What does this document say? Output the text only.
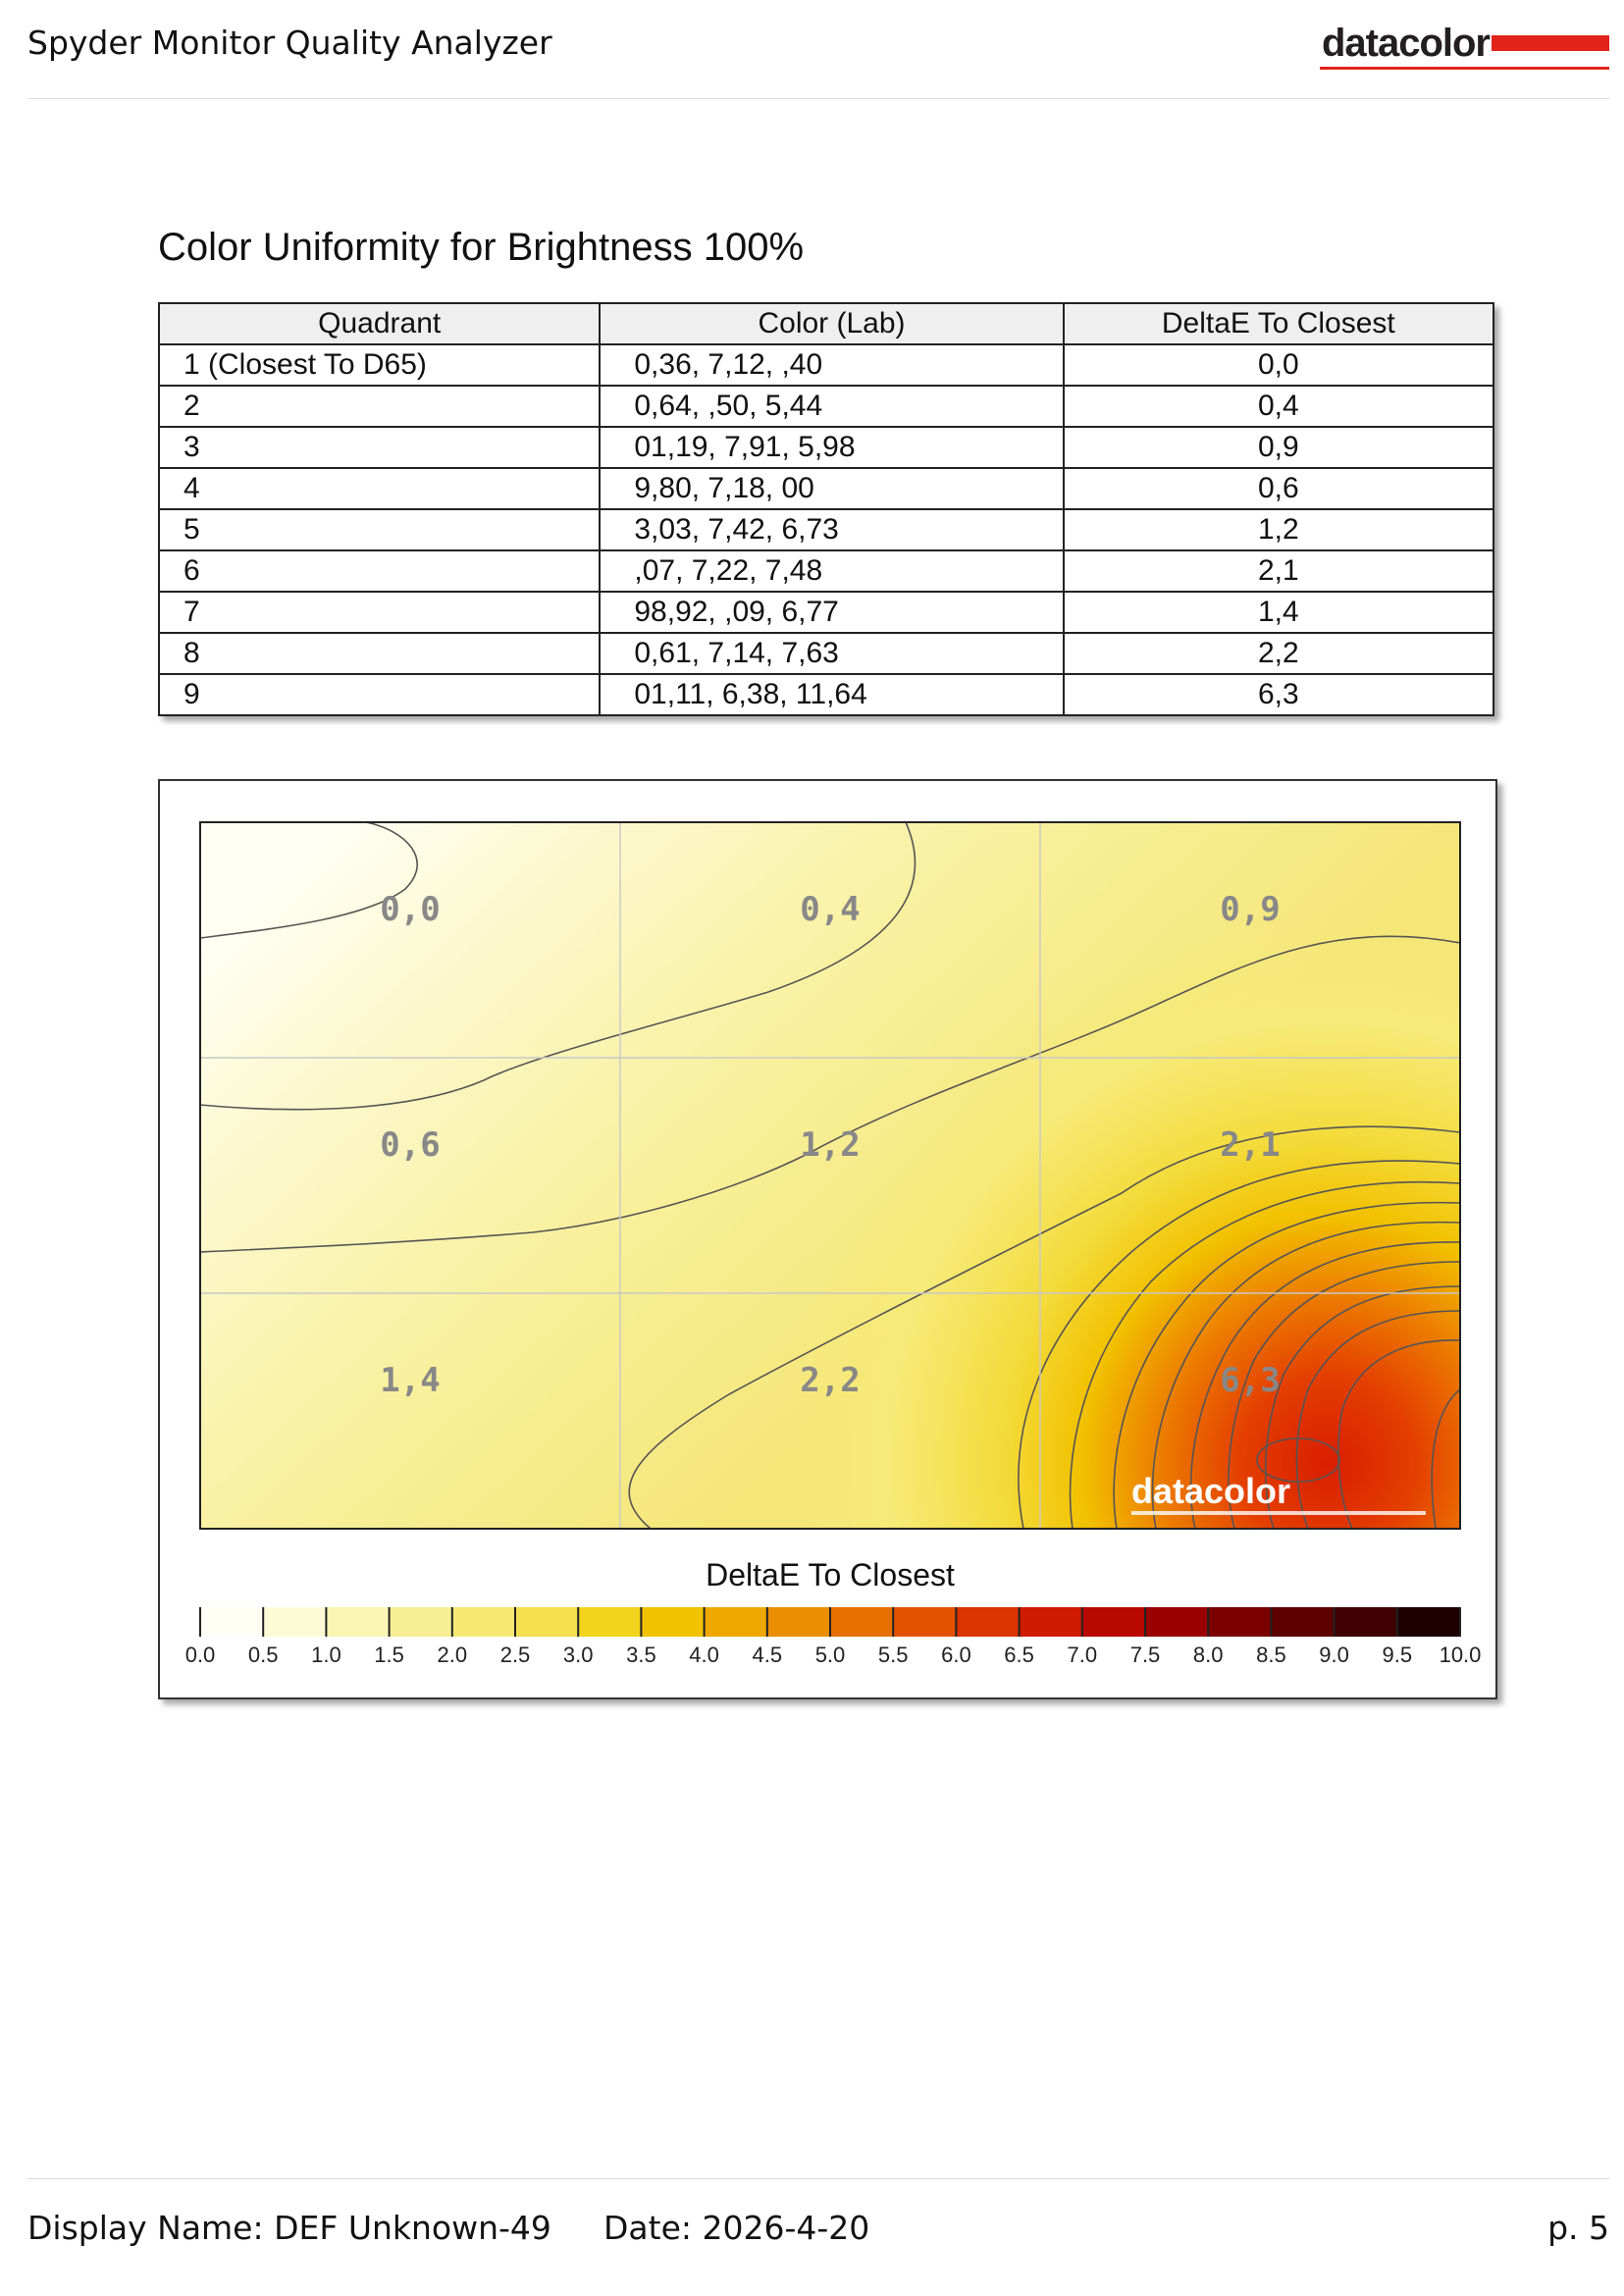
Spyder Monitor Quality Analyzer	datacolor
Color Uniformity for Brightness 100%
Quadrant	Color (Lab)	DeltaE To Closest
1 (Closest To D65)	0,36, 7,12, ,40	0,0
2	0,64, ,50, 5,44	0,4
3	01,19, 7,91, 5,98	0,9
4	9,80, 7,18, 00	0,6
5	3,03, 7,42, 6,73	1,2
6	,07, 7,22, 7,48	2,1
7	98,92, ,09, 6,77	1,4
8	0,61, 7,14, 7,63	2,2
9	01,11, 6,38, 11,64	6,3
0,0	0,4	0,9
0,6	1,2	2,1
1,4	2,2	6,3
datacolor
DeltaE To Closest
0.0 0.5 1.0 1.5 2.0 2.5 3.0 3.5 4.0 4.5 5.0 5.5 6.0 6.5 7.0 7.5 8.0 8.5 9.0 9.5 10.0
Display Name: DEF Unknown-49 Date: 2026-4-20	p. 5
